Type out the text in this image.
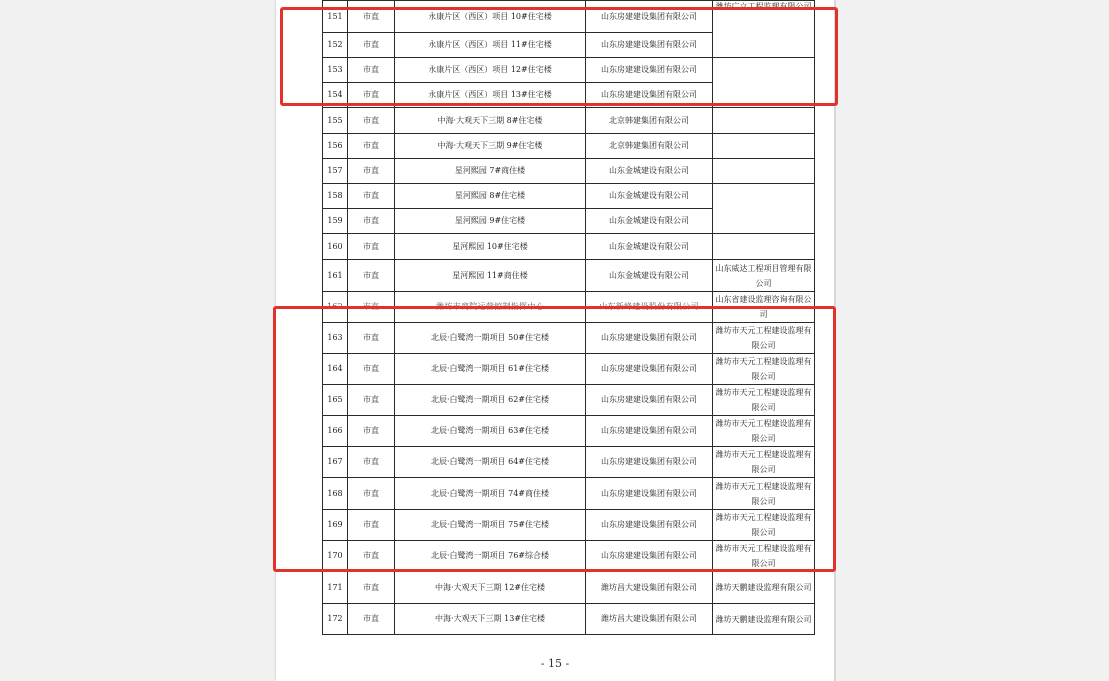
151	市直	永康片区（西区）项目 10#住宅楼	山东房建建设集团有限公司	潍坊广立工程监理有限公司
152	市直	永康片区（西区）项目 11#住宅楼	山东房建建设集团有限公司	
153	市直	永康片区（西区）项目 12#住宅楼	山东房建建设集团有限公司	
154	市直	永康片区（西区）项目 13#住宅楼	山东房建建设集团有限公司	
155	市直	中海·大观天下三期 8#住宅楼	北京韩建集团有限公司	
156	市直	中海·大观天下三期 9#住宅楼	北京韩建集团有限公司	
157	市直	星河熙园 7#商住楼	山东金城建设有限公司	
158	市直	星河熙园 8#住宅楼	山东金城建设有限公司	
159	市直	星河熙园 9#住宅楼	山东金城建设有限公司	
160	市直	星河熙园 10#住宅楼	山东金城建设有限公司	
161	市直	星河熙园 11#商住楼	山东金城建设有限公司	山东威达工程项目管理有限公司
162	市直	潍坊市商院运营控制指挥中心	山东新峰建设股份有限公司	山东省建设监理咨询有限公司
163	市直	北辰·白鹭湾一期项目 50#住宅楼	山东房建建设集团有限公司	潍坊市天元工程建设监理有限公司
164	市直	北辰·白鹭湾一期项目 61#住宅楼	山东房建建设集团有限公司	潍坊市天元工程建设监理有限公司
165	市直	北辰·白鹭湾一期项目 62#住宅楼	山东房建建设集团有限公司	潍坊市天元工程建设监理有限公司
166	市直	北辰·白鹭湾一期项目 63#住宅楼	山东房建建设集团有限公司	潍坊市天元工程建设监理有限公司
167	市直	北辰·白鹭湾一期项目 64#住宅楼	山东房建建设集团有限公司	潍坊市天元工程建设监理有限公司
168	市直	北辰·白鹭湾一期项目 74#商住楼	山东房建建设集团有限公司	潍坊市天元工程建设监理有限公司
169	市直	北辰·白鹭湾一期项目 75#住宅楼	山东房建建设集团有限公司	潍坊市天元工程建设监理有限公司
170	市直	北辰·白鹭湾一期项目 76#综合楼	山东房建建设集团有限公司	潍坊市天元工程建设监理有限公司
171	市直	中海·大观天下三期 12#住宅楼	潍坊昌大建设集团有限公司	潍坊天鹏建设监理有限公司
172	市直	中海·大观天下三期 13#住宅楼	潍坊昌大建设集团有限公司	潍坊天鹏建设监理有限公司
- 15 -
